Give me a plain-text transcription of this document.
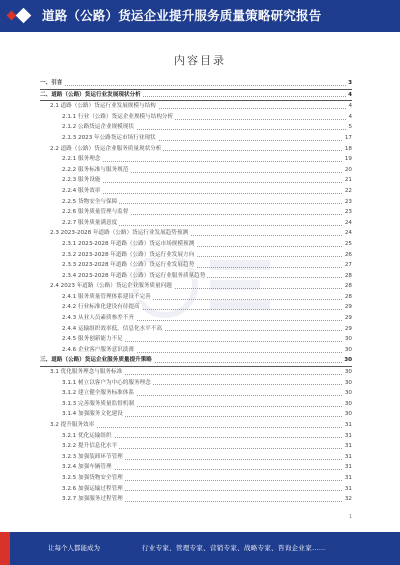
道路（公路）货运企业提升服务质量策略研究报告
内容目录
一、引言	3
二、道路（公路）货运行业发展现状分析	4
2.1 道路（公路）货运行业发展规模与结构	4
2.1.1 行业（公路）货运企业规模与结构分析	4
2.1.2 公路货运企业规模现状	5
2.1.3 2023 年公路货运市场行业现状	17
2.2 道路（公路）货运企业服务质量现状分析	18
2.2.1 服务理念	19
2.2.2 服务标准与服务规范	20
2.2.3 服务设施	21
2.2.4 服务效率	22
2.2.5 货物安全与保障	23
2.2.6 服务质量管理与监督	23
2.2.7 服务质量满意度	24
2.3 2023-2028 年道路（公路）货运行业发展趋势预测	24
2.3.1 2023-2028 年道路（公路）货运市场规模预测	25
2.3.2 2023-2028 年道路（公路）货运行业发展方向	26
2.3.3 2023-2028 年道路（公路）货运行业发展趋势	27
2.3.4 2023-2028 年道路（公路）货运行业服务质量趋势	28
2.4 2023 年道路（公路）货运企业服务质量问题	28
2.4.1 服务质量管理体系建设不完善	28
2.4.2 行业标准化建设有待提高	29
2.4.3 从业人员素质参差不齐	29
2.4.4 运输组织效率低，信息化水平不高	29
2.4.5 服务创新能力不足	30
2.4.6 企业客户服务意识淡薄	30
三、道路（公路）货运企业服务质量提升策略	30
3.1 优化服务理念与服务标准	30
3.1.1 树立以客户为中心的服务理念	30
3.1.2 建立健全服务标准体系	30
3.1.3 完善服务质量监督机制	30
3.1.4 加强服务文化建设	30
3.2 提升服务效率	31
3.2.1 优化运输组织	31
3.2.2 提升信息化水平	31
3.2.3 加强装卸环节管理	31
3.2.4 加强车辆管理	31
3.2.5 加强货物安全管理	31
3.2.6 加强运输过程管理	31
3.2.7 加强服务过程管理	32
1
让每个人都能成为	行业专家、管理专家、营销专家、战略专家、咨询企业家……
